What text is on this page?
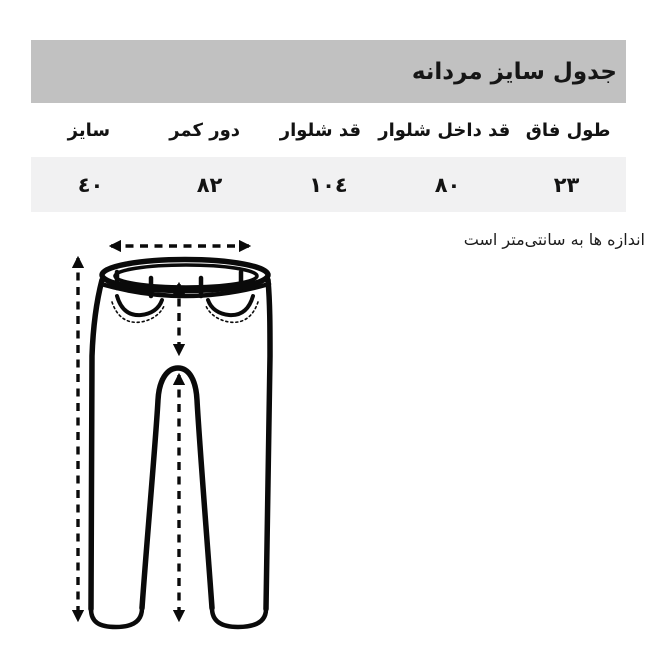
جدول سایز مردانه
طول فاق
قد داخل شلوار
قد شلوار
دور کمر
سایز
٢٣
٨٠
١٠٤
٨٢
٤٠
اندازه ها به سانتی‌متر است
